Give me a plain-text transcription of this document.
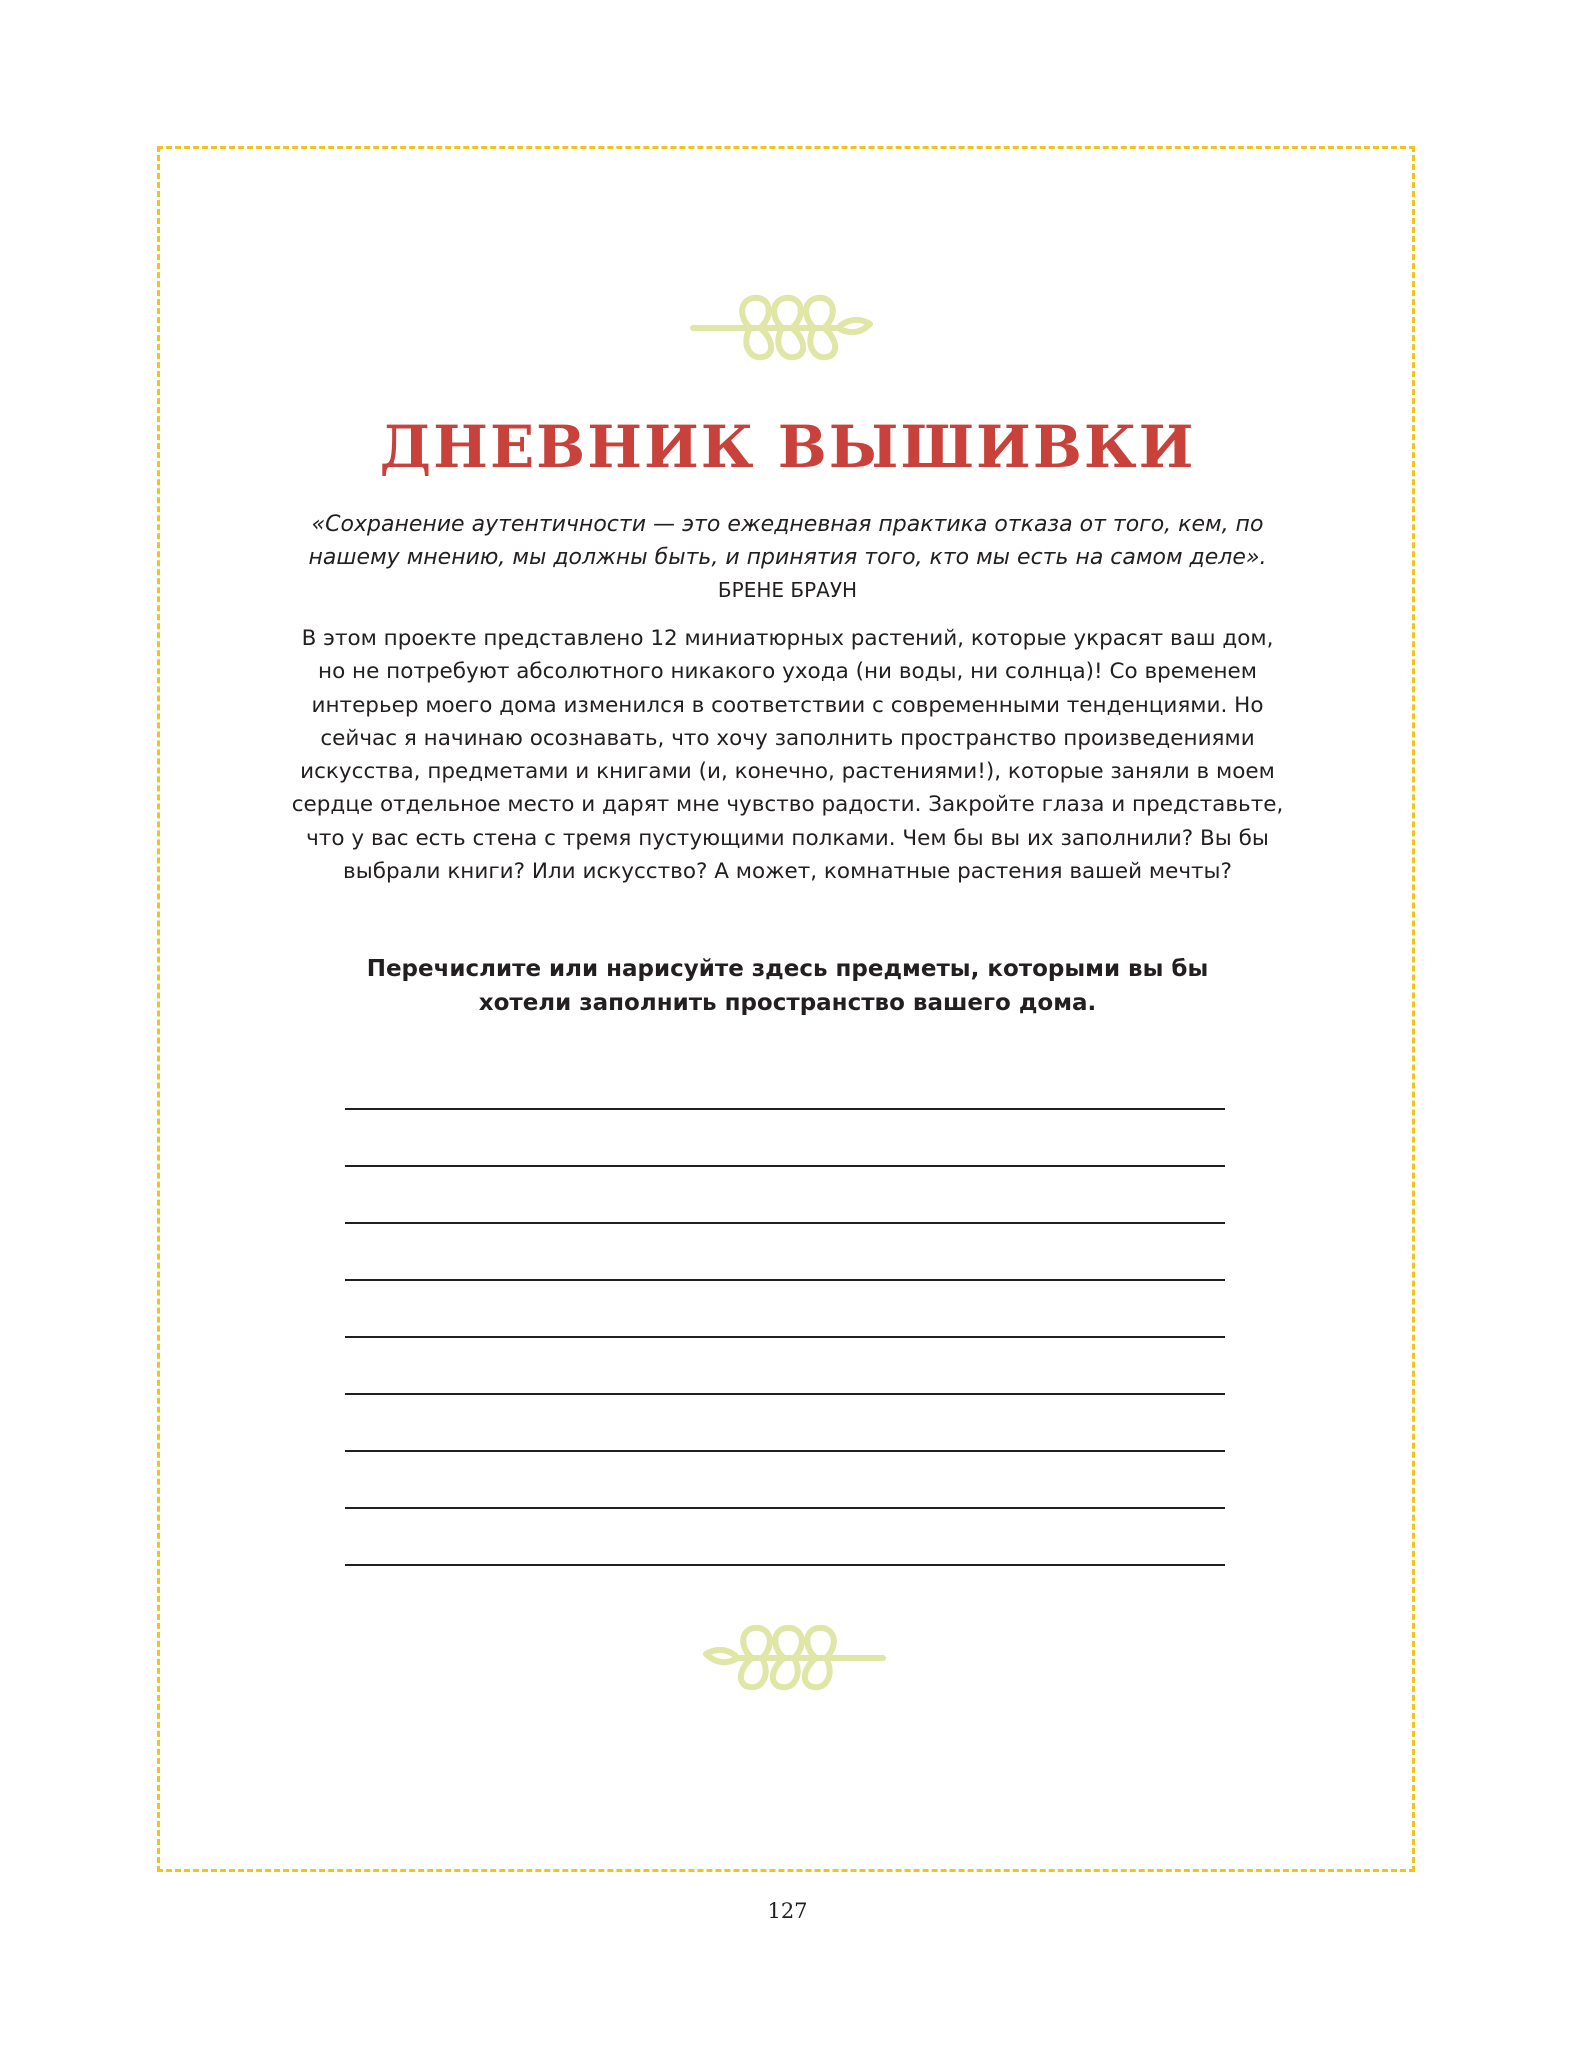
ДНЕВНИК ВЫШИВКИ

«Сохранение аутентичности — это ежедневная практика отказа от того, кем, по нашему мнению, мы должны быть, и принятия того, кто мы есть на самом деле».

БРЕНЕ БРАУН

В этом проекте представлено 12 миниатюрных растений, которые украсят ваш дом, но не потребуют абсолютного никакого ухода (ни воды, ни солнца)! Со временем интерьер моего дома изменился в соответствии с современными тенденциями. Но сейчас я начинаю осознавать, что хочу заполнить пространство произведениями искусства, предметами и книгами (и, конечно, растениями!), которые заняли в моем сердце отдельное место и дарят мне чувство радости. Закройте глаза и представьте, что у вас есть стена с тремя пустующими полками. Чем бы вы их заполнили? Вы бы выбрали книги? Или искусство? А может, комнатные растения вашей мечты?

Перечислите или нарисуйте здесь предметы, которыми вы бы хотели заполнить пространство вашего дома.

127
